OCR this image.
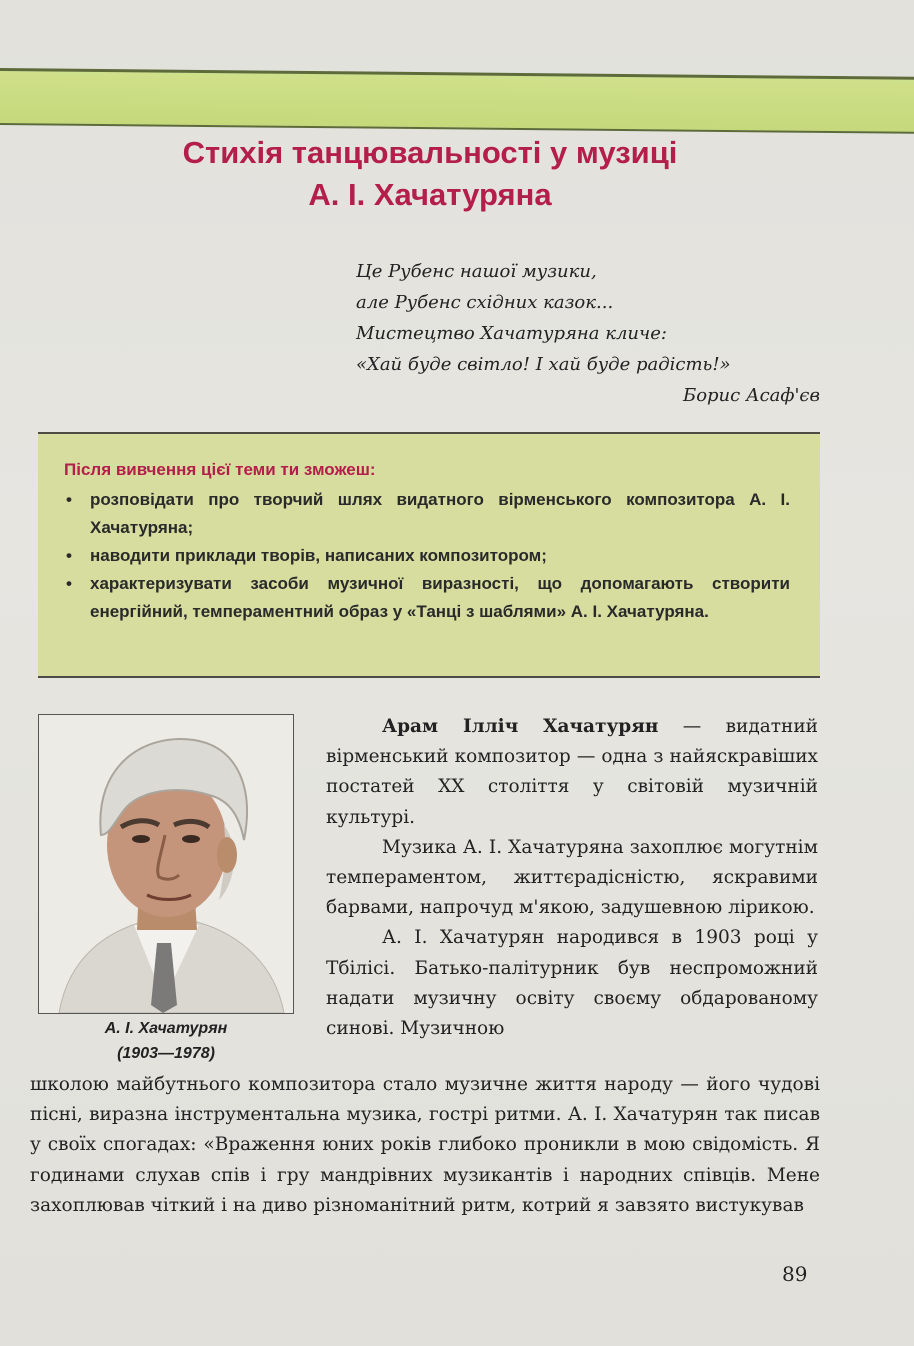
Стихія танцювальності у музиці
А. І. Хачатуряна
Це Рубенс нашої музики,
але Рубенс східних казок...
Мистецтво Хачатуряна кличе:
«Хай буде світло! І хай буде радість!»
Борис Асаф'єв

Після вивчення цієї теми ти зможеш:

• розповідати про творчий шлях видатного вірменського композитора А. І. Хачатуряна;
• наводити приклади творів, написаних композитором;
• характеризувати засоби музичної виразності, що допомагають створити енергійний, темпераментний образ у «Танці з шаблями» А. І. Хачатуряна.
А. І. Хачатурян
(1903—1978)

Арам Ілліч Хачатурян — видатний вірменський композитор — одна з найяскравіших постатей XX століття у світовій музичній культурі.

Музика А. І. Хачатуряна захоплює могутнім темпераментом, життєрадісністю, яскравими барвами, напрочуд м'якою, задушевною лірикою.

А. І. Хачатурян народився в 1903 році у Тбілісі. Батько-палітурник був неспроможний надати музичну освіту своєму обдарованому синові. Музичною

школою майбутнього композитора стало музичне життя народу — його чудові пісні, виразна інструментальна музика, гострі ритми. А. І. Хачатурян так писав у своїх спогадах: «Враження юних років глибоко проникли в мою свідомість. Я годинами слухав спів і гру мандрівних музикантів і народних співців. Мене захоплював чіткий і на диво різноманітний ритм, котрий я завзято вистукував

89
